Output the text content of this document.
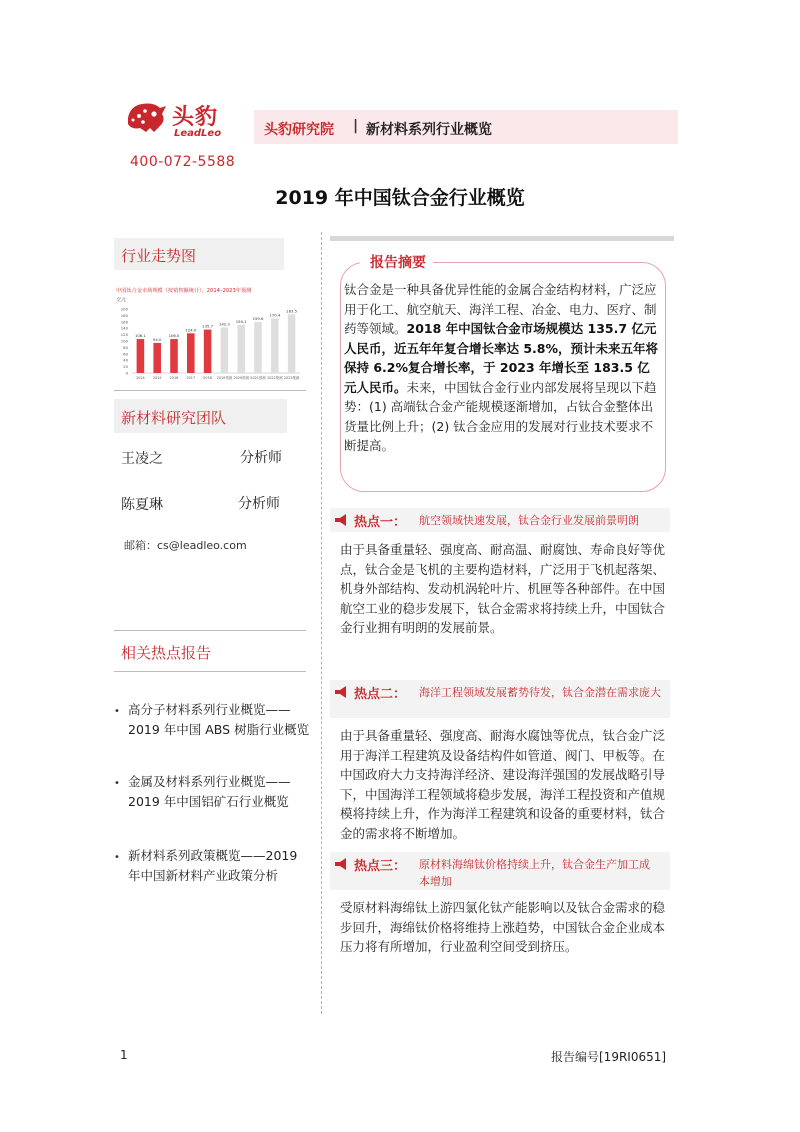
头豹
LeadLeo
400-072-5588
头豹研究院 | 新材料系列行业概览
2019 年中国钛合金行业概览
行业走势图
中国钛合金市场规模（按销售额统计），2014–2023年预测
亿元
200
180
160
140
120
100
80
60
40
20
0
106.1
94.0
106.0
124.0
135.7 142.3 150.1
159.6
170.4
183.5
2014 2015 2016 2017 2018 2019预测 2020预测 2021预测 2022预测 2023预测
新材料研究团队
王凌之	分析师
陈夏琳	分析师
邮箱：cs@leadleo.com
相关热点报告
• 高分子材料系列行业概览——2019 年中国 ABS 树脂行业概览
• 金属及材料系列行业概览——2019 年中国铝矿石行业概览
• 新材料系列政策概览——2019 年中国新材料产业政策分析
报告摘要
钛合金是一种具备优异性能的金属合金结构材料，广泛应用于化工、航空航天、海洋工程、冶金、电力、医疗、制药等领域。2018 年中国钛合金市场规模达 135.7 亿元人民币，近五年年复合增长率达 5.8%，预计未来五年将保持 6.2%复合增长率，于 2023 年增长至 183.5 亿元人民币。未来，中国钛合金行业内部发展将呈现以下趋势：(1) 高端钛合金产能规模逐渐增加，占钛合金整体出货量比例上升；(2) 钛合金应用的发展对行业技术要求不断提高。
热点一： 航空领域快速发展，钛合金行业发展前景明朗
由于具备重量轻、强度高、耐高温、耐腐蚀、寿命良好等优点，钛合金是飞机的主要构造材料，广泛用于飞机起落架、机身外部结构、发动机涡轮叶片、机匣等各种部件。在中国航空工业的稳步发展下，钛合金需求将持续上升，中国钛合金行业拥有明朗的发展前景。
热点二： 海洋工程领域发展蓄势待发，钛合金潜在需求庞大
由于具备重量轻、强度高、耐海水腐蚀等优点，钛合金广泛用于海洋工程建筑及设备结构件如管道、阀门、甲板等。在中国政府大力支持海洋经济、建设海洋强国的发展战略引导下，中国海洋工程领域将稳步发展，海洋工程投资和产值规模将持续上升，作为海洋工程建筑和设备的重要材料，钛合金的需求将不断增加。
热点三： 原材料海绵钛价格持续上升，钛合金生产加工成本增加
受原材料海绵钛上游四氯化钛产能影响以及钛合金需求的稳步回升，海绵钛价格将维持上涨趋势，中国钛合金企业成本压力将有所增加，行业盈利空间受到挤压。
1	报告编号[19RI0651]
